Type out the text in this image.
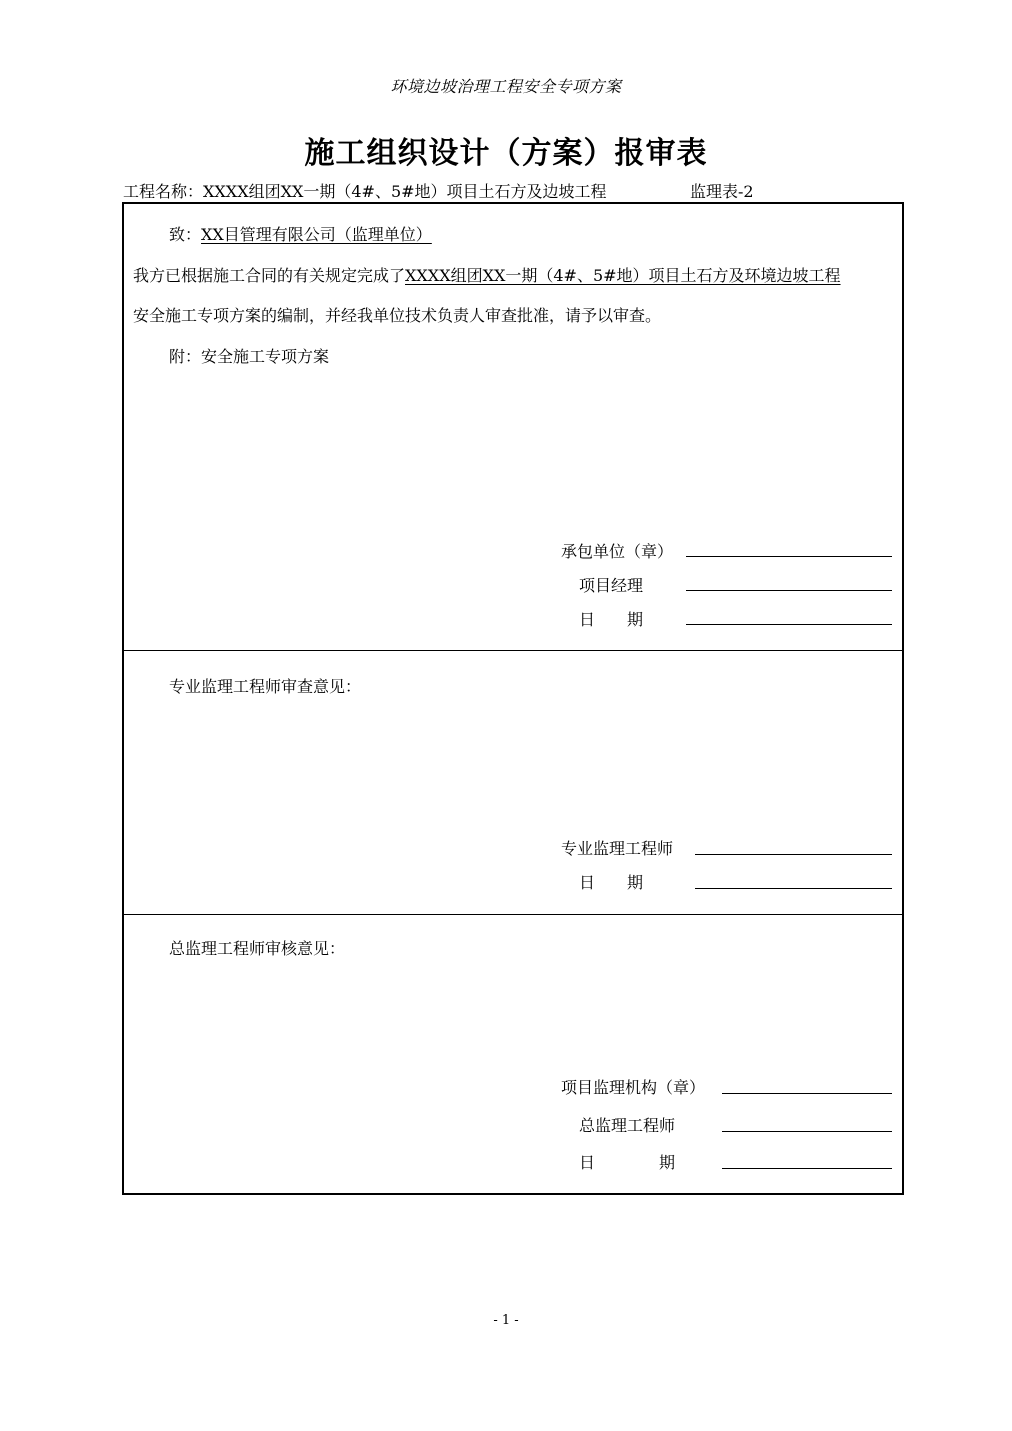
环境边坡治理工程安全专项方案
施工组织设计（方案）报审表
工程名称：XXXX组团XX一期（4#、5#地）项目土石方及边坡工程	监理表-2
致：XX目管理有限公司（监理单位）
我方已根据施工合同的有关规定完成了XXXX组团XX一期（4#、5#地）项目土石方及环境边坡工程
安全施工专项方案的编制，并经我单位技术负责人审查批准，请予以审查。
附：安全施工专项方案
承包单位（章）
项目经理
日　　期
专业监理工程师审查意见：
专业监理工程师
日　　期
总监理工程师审核意见：
项目监理机构（章）
总监理工程师
日　　　　期
- 1 -
